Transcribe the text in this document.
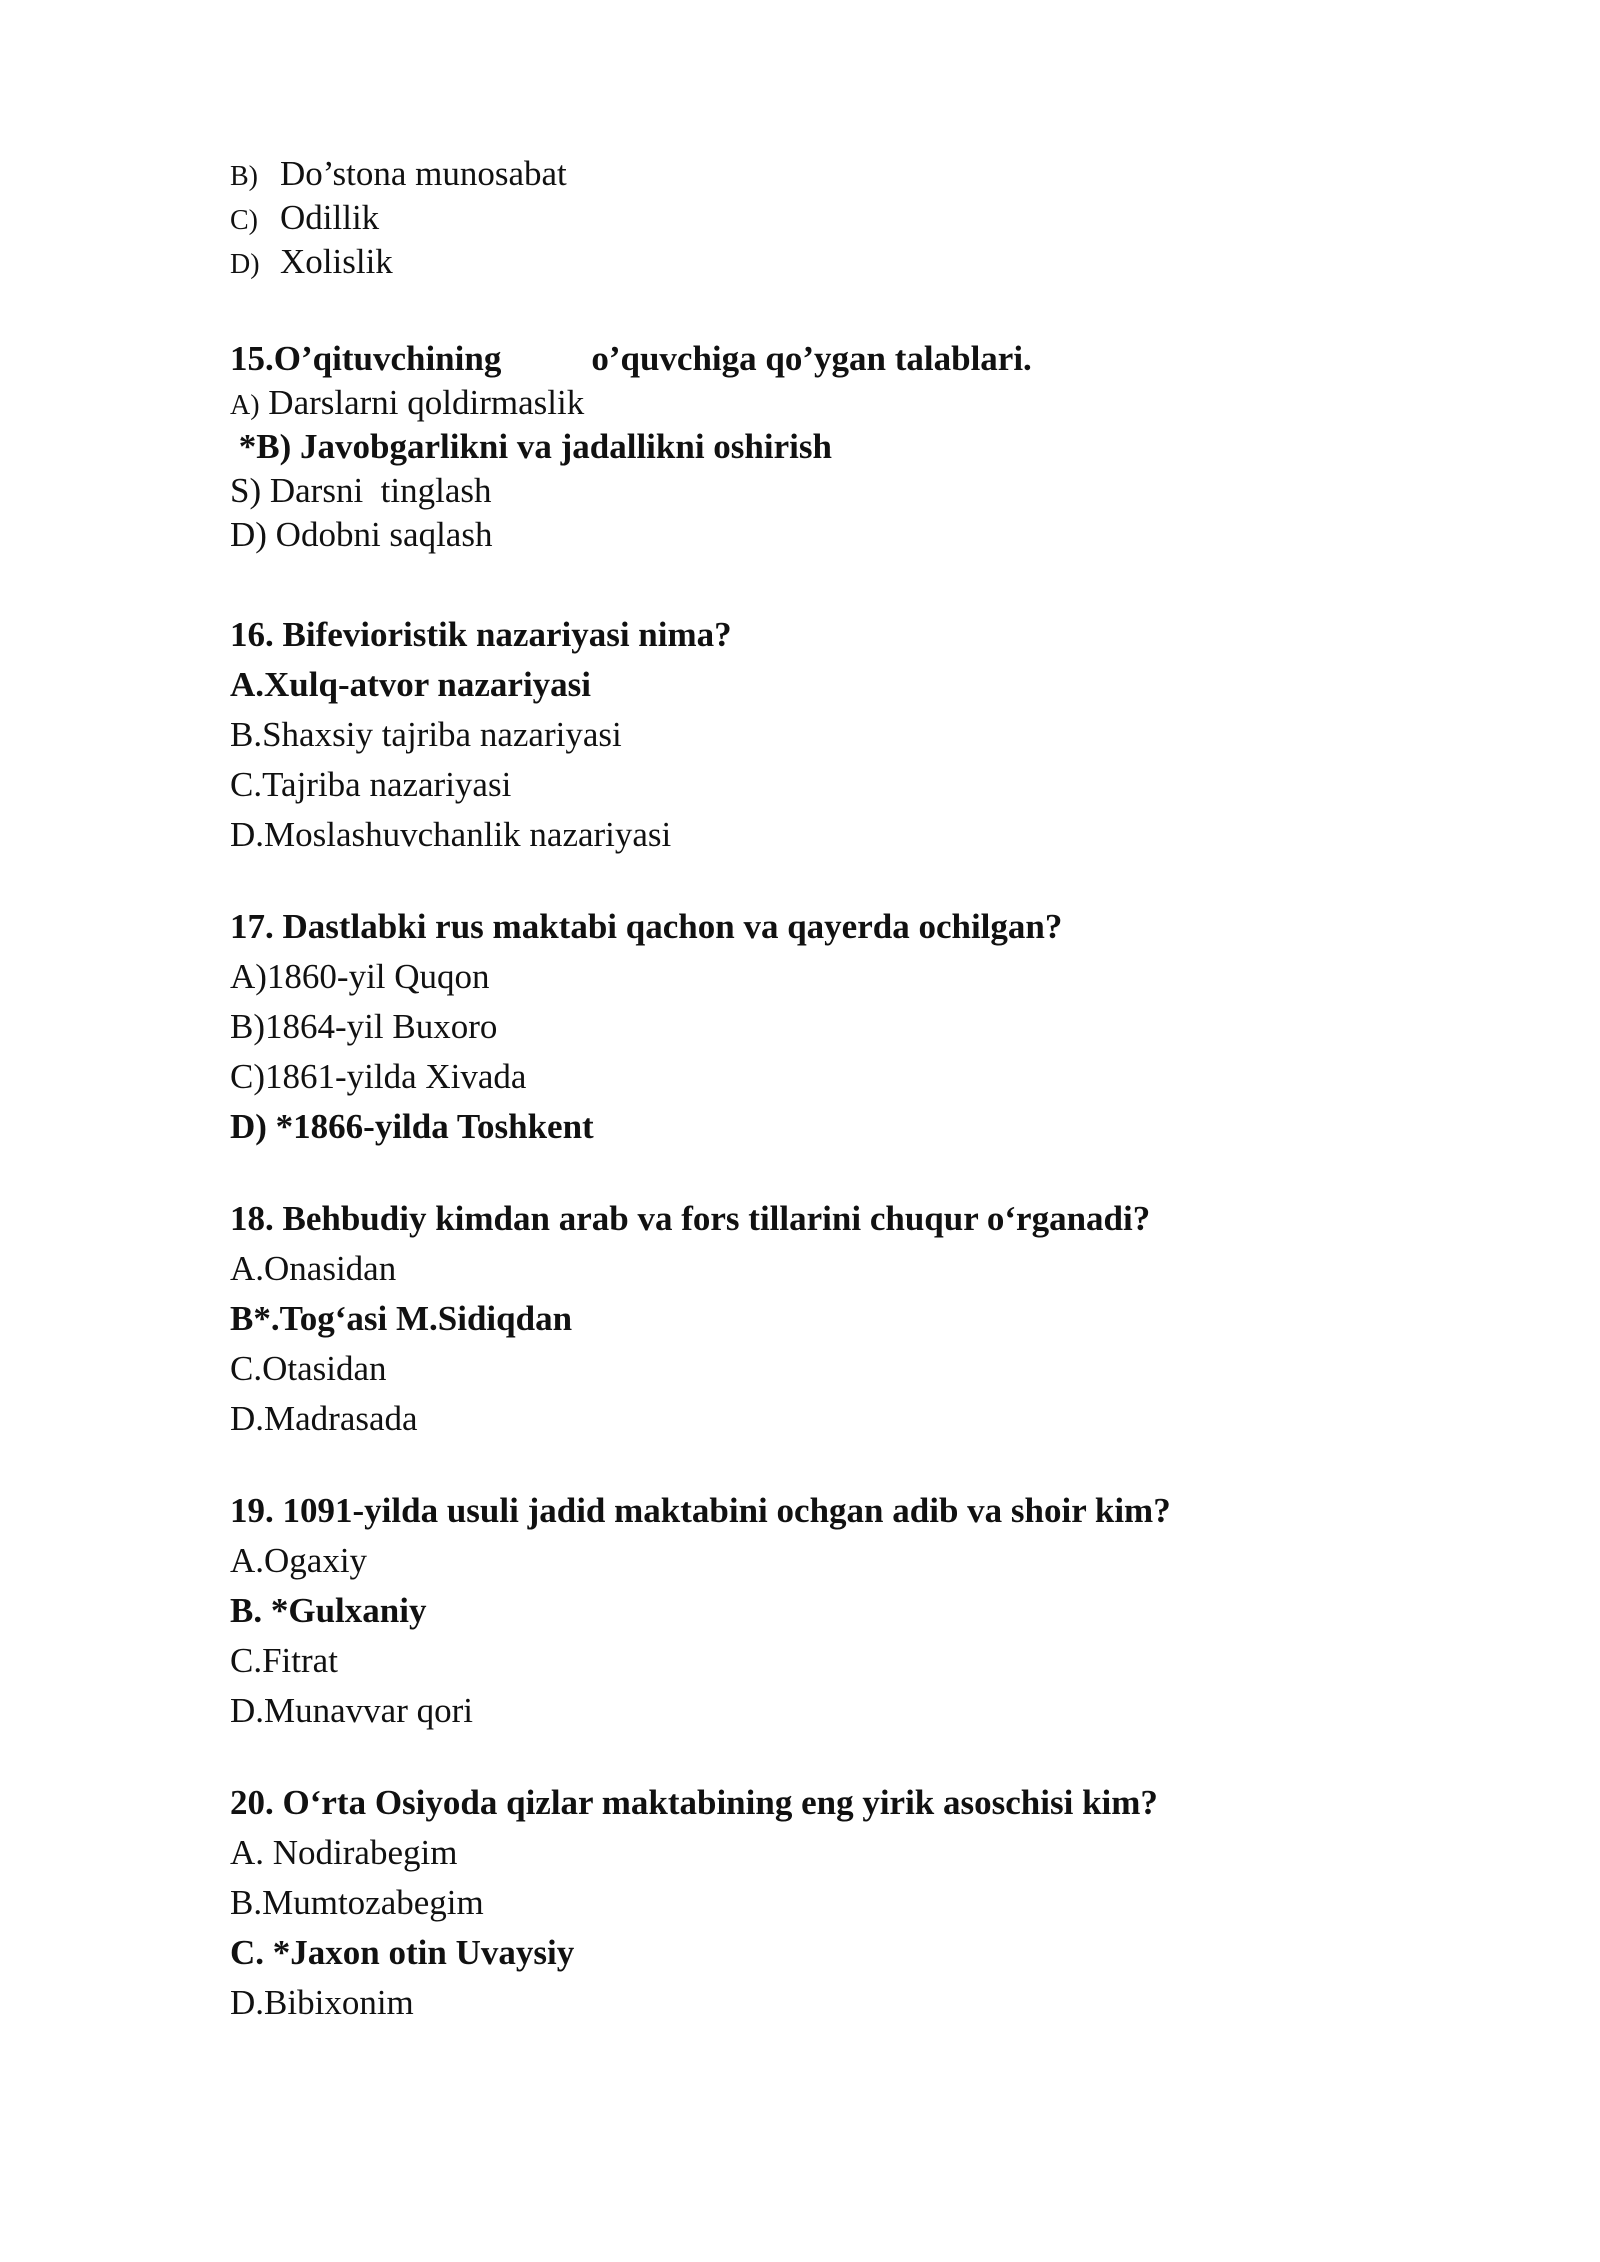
B) Do’stona munosabat
C) Odillik
D) Xolislik
15.O’qituvchining	o’quvchiga qo’ygan talablari.
A) Darslarni qoldirmaslik
*B) Javobgarlikni va jadallikni oshirish
S) Darsni  tinglash
D) Odobni saqlash
16. Bifevioristik nazariyasi nima?
A.Xulq-atvor nazariyasi
B.Shaxsiy tajriba nazariyasi
C.Tajriba nazariyasi
D.Moslashuvchanlik nazariyasi
17. Dastlabki rus maktabi qachon va qayerda ochilgan?
A)1860-yil Quqon
B)1864-yil Buxoro
C)1861-yilda Xivada
D) *1866-yilda Toshkent
18. Behbudiy kimdan arab va fors tillarini chuqur o‘rganadi?
A.Onasidan
B*.Tog‘asi M.Sidiqdan
C.Otasidan
D.Madrasada
19. 1091-yilda usuli jadid maktabini ochgan adib va shoir kim?
A.Ogaxiy
B. *Gulxaniy
C.Fitrat
D.Munavvar qori
20. O‘rta Osiyoda qizlar maktabining eng yirik asoschisi kim?
A. Nodirabegim
B.Mumtozabegim
C. *Jaxon otin Uvaysiy
D.Bibixonim
